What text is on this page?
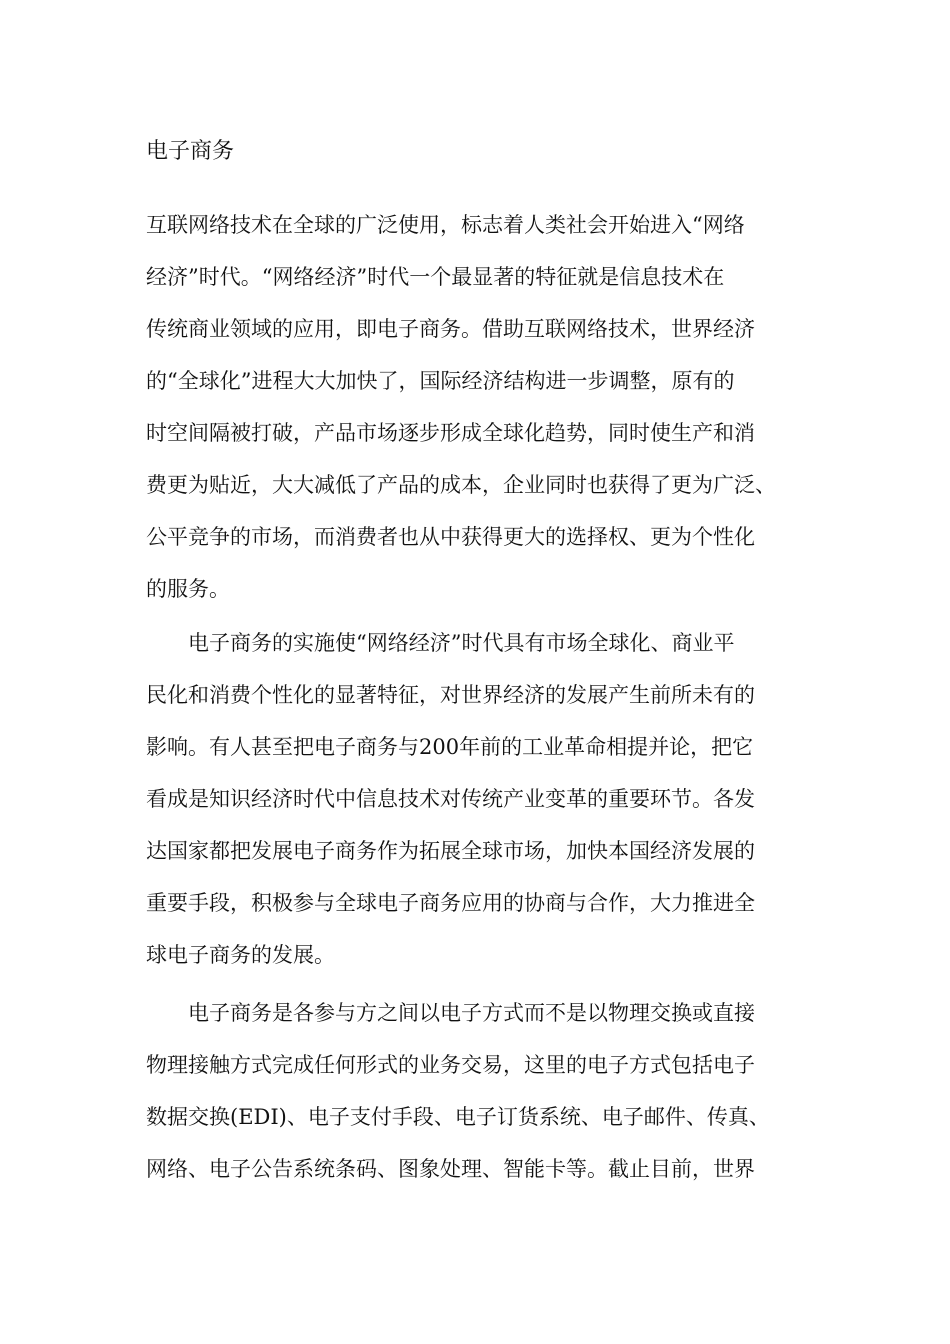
电子商务
互联网络技术在全球的广泛使用，标志着人类社会开始进入“网络
经济”时代。“网络经济”时代一个最显著的特征就是信息技术在
传统商业领域的应用，即电子商务。借助互联网络技术，世界经济
的“全球化”进程大大加快了，国际经济结构进一步调整，原有的
时空间隔被打破，产品市场逐步形成全球化趋势，同时使生产和消
费更为贴近，大大减低了产品的成本，企业同时也获得了更为广泛、
公平竞争的市场，而消费者也从中获得更大的选择权、更为个性化
的服务。
　　电子商务的实施使“网络经济”时代具有市场全球化、商业平
民化和消费个性化的显著特征，对世界经济的发展产生前所未有的
影响。有人甚至把电子商务与200年前的工业革命相提并论，把它
看成是知识经济时代中信息技术对传统产业变革的重要环节。各发
达国家都把发展电子商务作为拓展全球市场，加快本国经济发展的
重要手段，积极参与全球电子商务应用的协商与合作，大力推进全
球电子商务的发展。
　　电子商务是各参与方之间以电子方式而不是以物理交换或直接
物理接触方式完成任何形式的业务交易，这里的电子方式包括电子
数据交换(EDI)、电子支付手段、电子订货系统、电子邮件、传真、
网络、电子公告系统条码、图象处理、智能卡等。截止目前，世界
